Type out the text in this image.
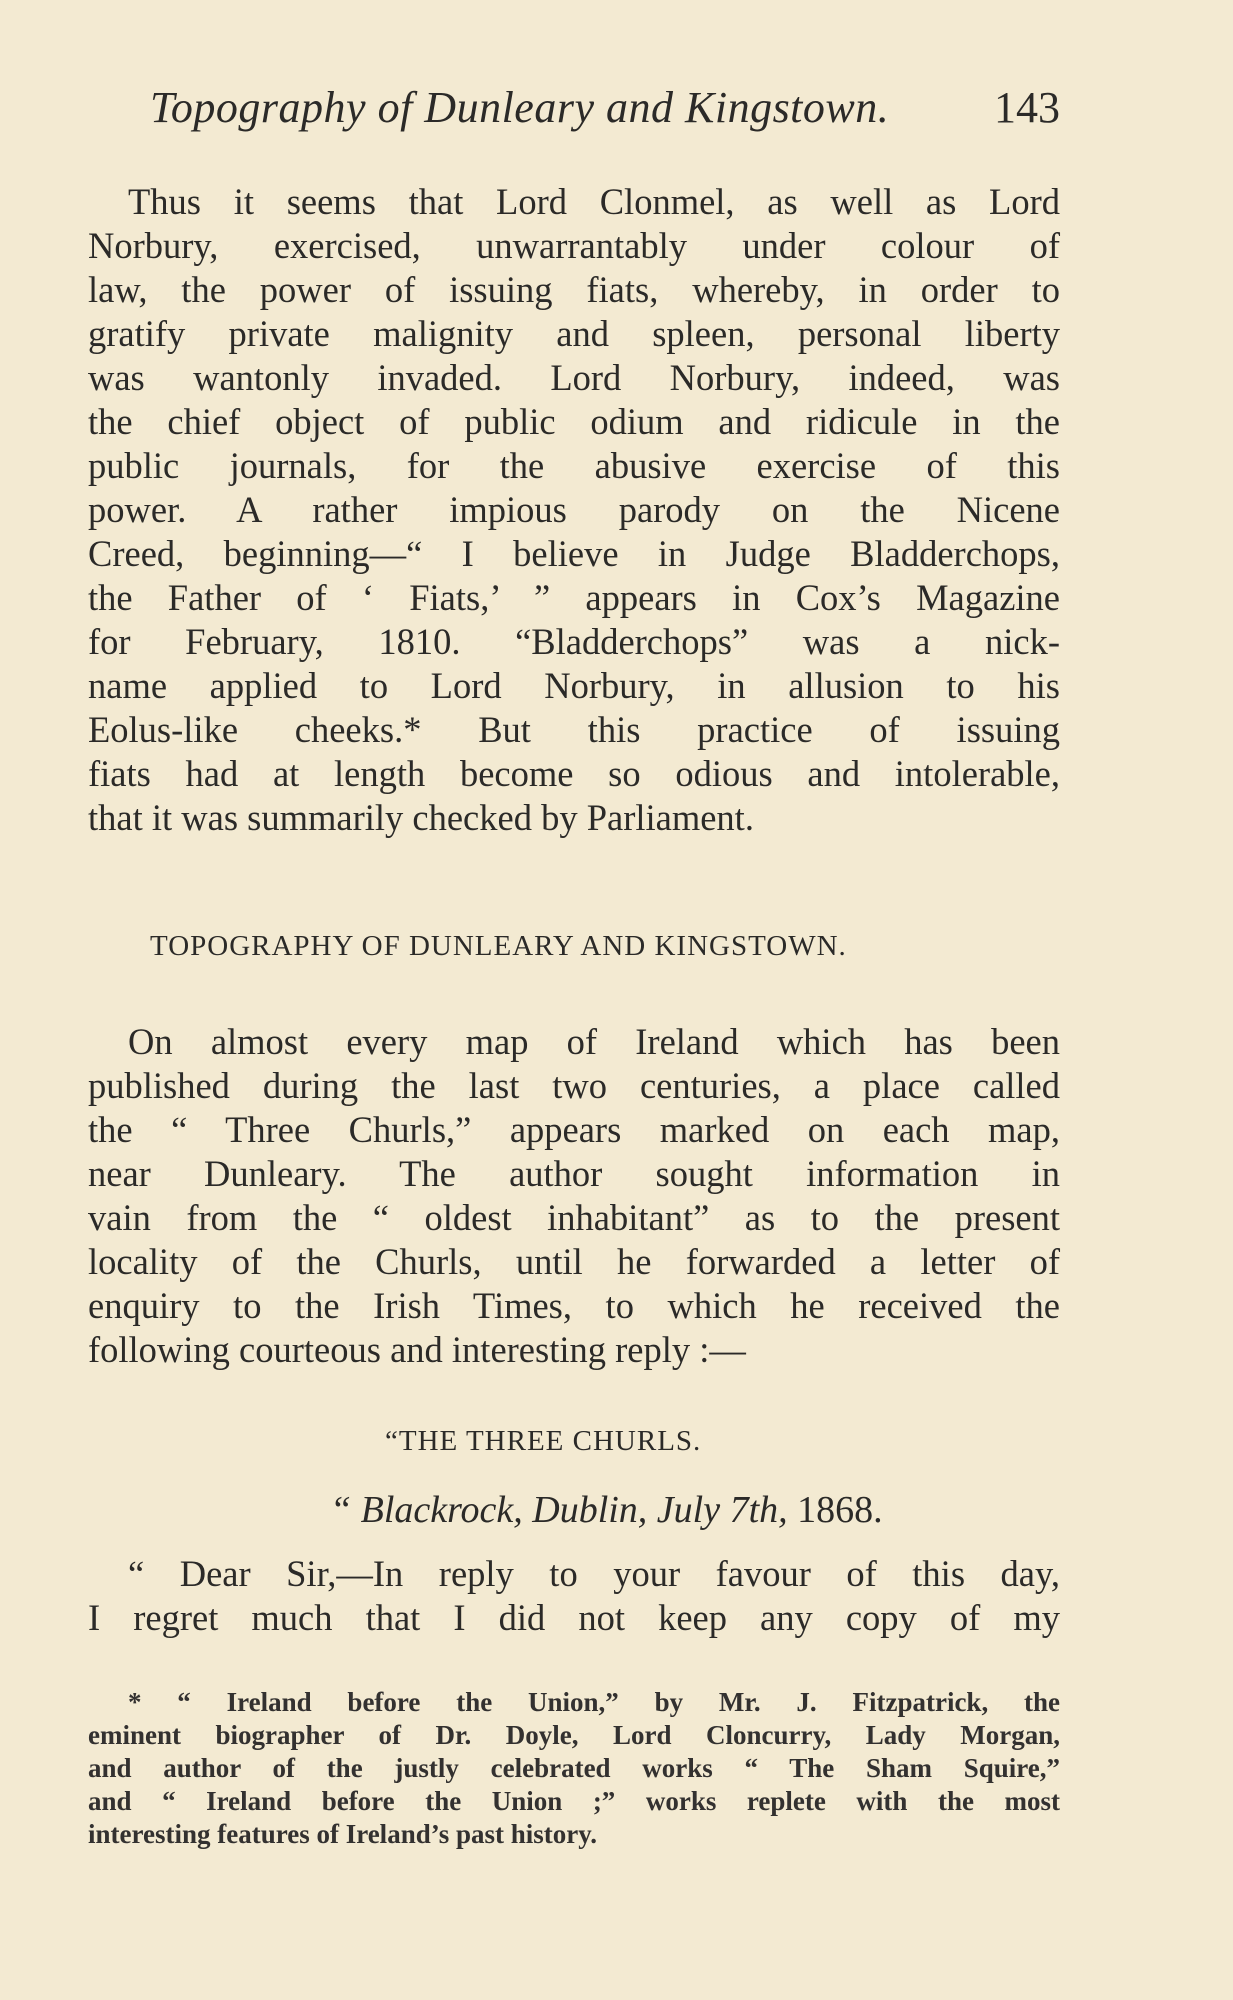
Topography of Dunleary and Kingstown. 143
Thus it seems that Lord Clonmel, as well as Lord
Norbury, exercised, unwarrantably under colour of
law, the power of issuing fiats, whereby, in order to
gratify private malignity and spleen, personal liberty
was wantonly invaded. Lord Norbury, indeed, was
the chief object of public odium and ridicule in the
public journals, for the abusive exercise of this
power. A rather impious parody on the Nicene
Creed, beginning—“ I believe in Judge Bladderchops,
the Father of ‘ Fiats,’ ” appears in Cox’s Magazine
for February, 1810. “Bladderchops” was a nick-
name applied to Lord Norbury, in allusion to his
Eolus-like cheeks.* But this practice of issuing
fiats had at length become so odious and intolerable,
that it was summarily checked by Parliament.
TOPOGRAPHY OF DUNLEARY AND KINGSTOWN.
On almost every map of Ireland which has been
published during the last two centuries, a place called
the “ Three Churls,” appears marked on each map,
near Dunleary. The author sought information in
vain from the “ oldest inhabitant” as to the present
locality of the Churls, until he forwarded a letter of
enquiry to the Irish Times, to which he received the
following courteous and interesting reply :—
“THE THREE CHURLS.
“ Blackrock, Dublin, July 7th, 1868.
“ Dear Sir,—In reply to your favour of this day,
I regret much that I did not keep any copy of my
* “ Ireland before the Union,” by Mr. J. Fitzpatrick, the
eminent biographer of Dr. Doyle, Lord Cloncurry, Lady Morgan,
and author of the justly celebrated works “ The Sham Squire,”
and “ Ireland before the Union ;” works replete with the most
interesting features of Ireland’s past history.
